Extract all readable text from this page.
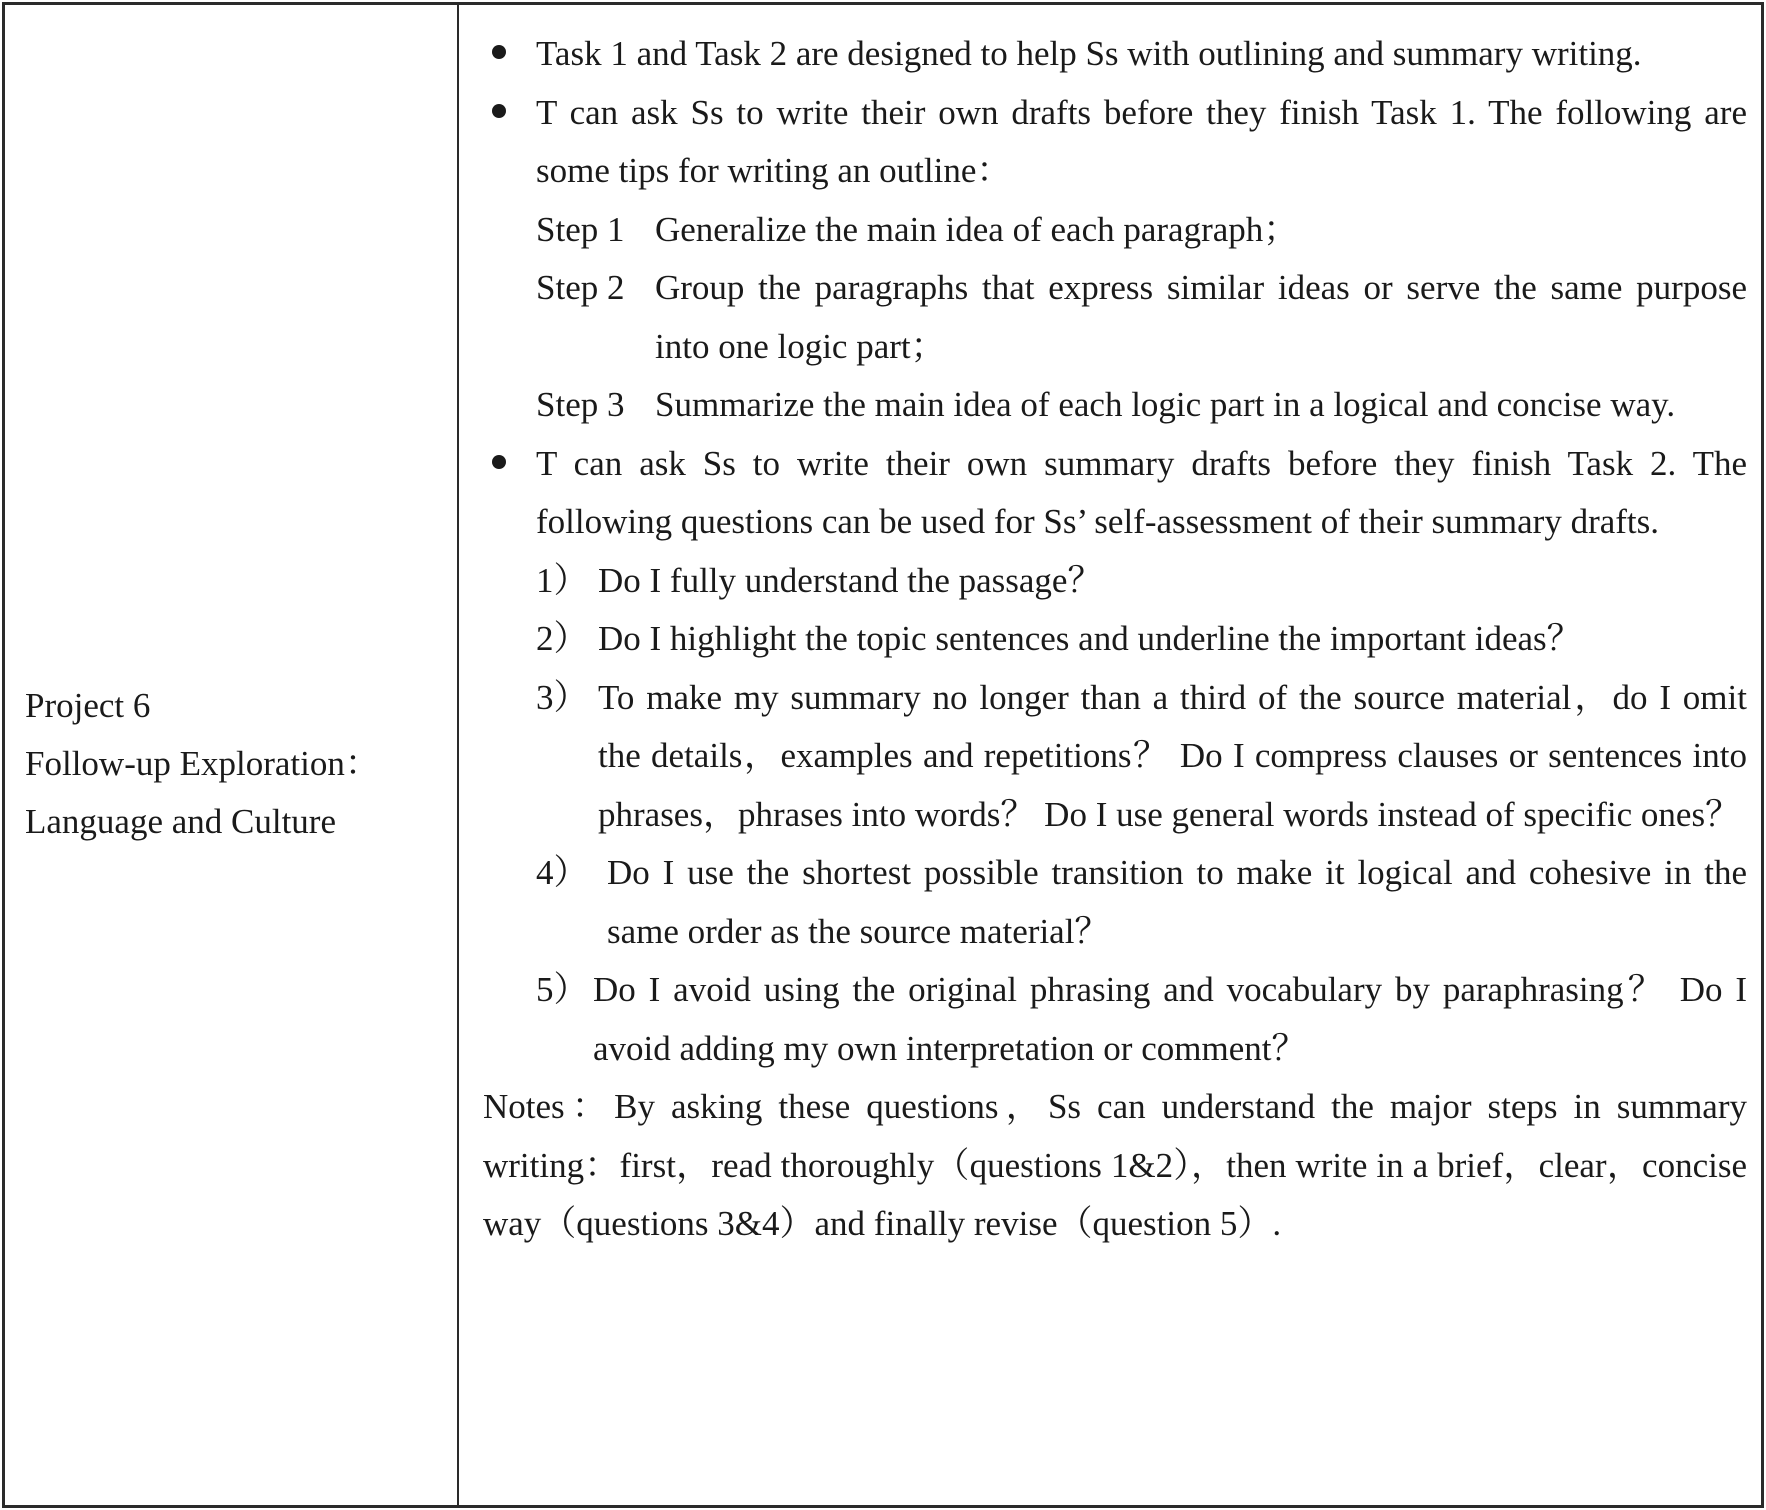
Project 6
Follow-up Exploration：
Language and Culture
Task 1 and Task 2 are designed to help Ss with outlining and summary writing.
T can ask Ss to write their own drafts before they finish Task 1. The following are some tips for writing an outline：
Step 1 Generalize the main idea of each paragraph；
Step 2 Group the paragraphs that express similar ideas or serve the same purpose into one logic part；
Step 3 Summarize the main idea of each logic part in a logical and concise way.
T can ask Ss to write their own summary drafts before they finish Task 2. The following questions can be used for Ss’ self-assessment of their summary drafts.
1） Do I fully understand the passage？
2） Do I highlight the topic sentences and underline the important ideas？
3） To make my summary no longer than a third of the source material，do I omit the details，examples and repetitions？ Do I compress clauses or sentences into phrases，phrases into words？ Do I use general words instead of specific ones？
4） Do I use the shortest possible transition to make it logical and cohesive in the same order as the source material？
5） Do I avoid using the original phrasing and vocabulary by paraphrasing？ Do I avoid adding my own interpretation or comment？
Notes：By asking these questions，Ss can understand the major steps in summary writing：first，read thoroughly（questions 1&2），then write in a brief，clear，concise way（questions 3&4）and finally revise（question 5）.
